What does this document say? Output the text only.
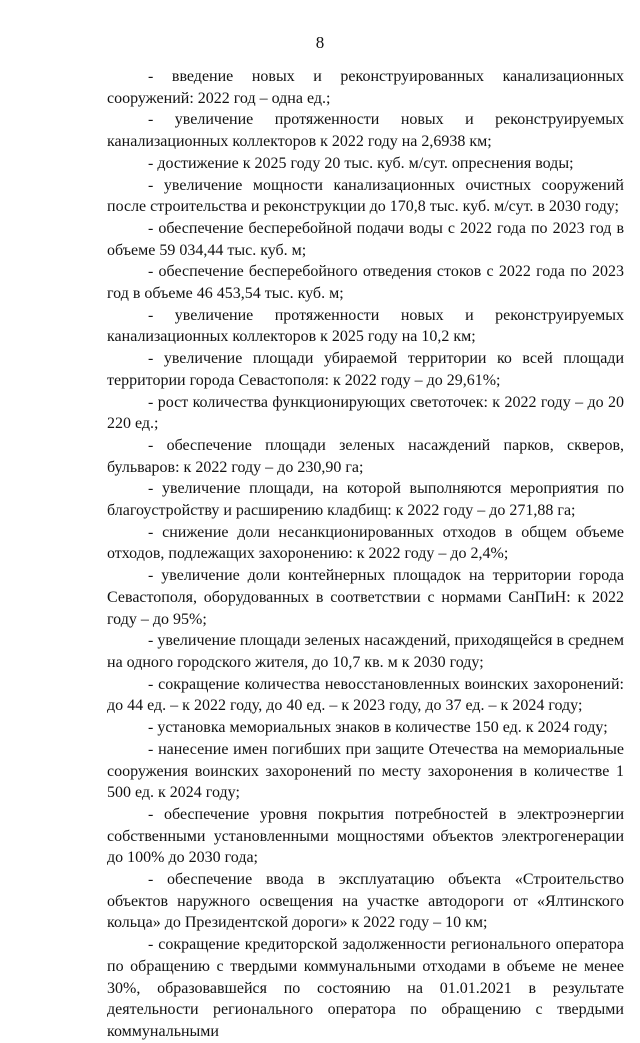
8

- введение новых и реконструированных канализационных сооружений: 2022 год – одна ед.;

- увеличение протяженности новых и реконструируемых канализационных коллекторов к 2022 году на 2,6938 км;

- достижение к 2025 году 20 тыс. куб. м/сут. опреснения воды;

- увеличение мощности канализационных очистных сооружений после строительства и реконструкции до 170,8 тыс. куб. м/сут. в 2030 году;

- обеспечение бесперебойной подачи воды с 2022 года по 2023 год в объеме 59 034,44 тыс. куб. м;

- обеспечение бесперебойного отведения стоков с 2022 года по 2023 год в объеме 46 453,54 тыс. куб. м;

- увеличение протяженности новых и реконструируемых канализационных коллекторов к 2025 году на 10,2 км;

- увеличение площади убираемой территории ко всей площади территории города Севастополя: к 2022 году – до 29,61%;

- рост количества функционирующих светоточек: к 2022 году – до 20 220 ед.;

- обеспечение площади зеленых насаждений парков, скверов, бульваров: к 2022 году – до 230,90 га;

- увеличение площади, на которой выполняются мероприятия по благоустройству и расширению кладбищ: к 2022 году – до 271,88 га;

- снижение доли несанкционированных отходов в общем объеме отходов, подлежащих захоронению: к 2022 году – до 2,4%;

- увеличение доли контейнерных площадок на территории города Севастополя, оборудованных в соответствии с нормами СанПиН: к 2022 году – до 95%;

- увеличение площади зеленых насаждений, приходящейся в среднем на одного городского жителя, до 10,7 кв. м к 2030 году;

- сокращение количества невосстановленных воинских захоронений: до 44 ед. – к 2022 году, до 40 ед. – к 2023 году, до 37 ед. – к 2024 году;

- установка мемориальных знаков в количестве 150 ед. к 2024 году;

- нанесение имен погибших при защите Отечества на мемориальные сооружения воинских захоронений по месту захоронения в количестве 1 500 ед. к 2024 году;

- обеспечение уровня покрытия потребностей в электроэнергии собственными установленными мощностями объектов электрогенерации до 100% до 2030 года;

- обеспечение ввода в эксплуатацию объекта «Строительство объектов наружного освещения на участке автодороги от «Ялтинского кольца» до Президентской дороги» к 2022 году – 10 км;

- сокращение кредиторской задолженности регионального оператора по обращению с твердыми коммунальными отходами в объеме не менее 30%, образовавшейся по состоянию на 01.01.2021 в результате деятельности регионального оператора по обращению с твердыми коммунальными
